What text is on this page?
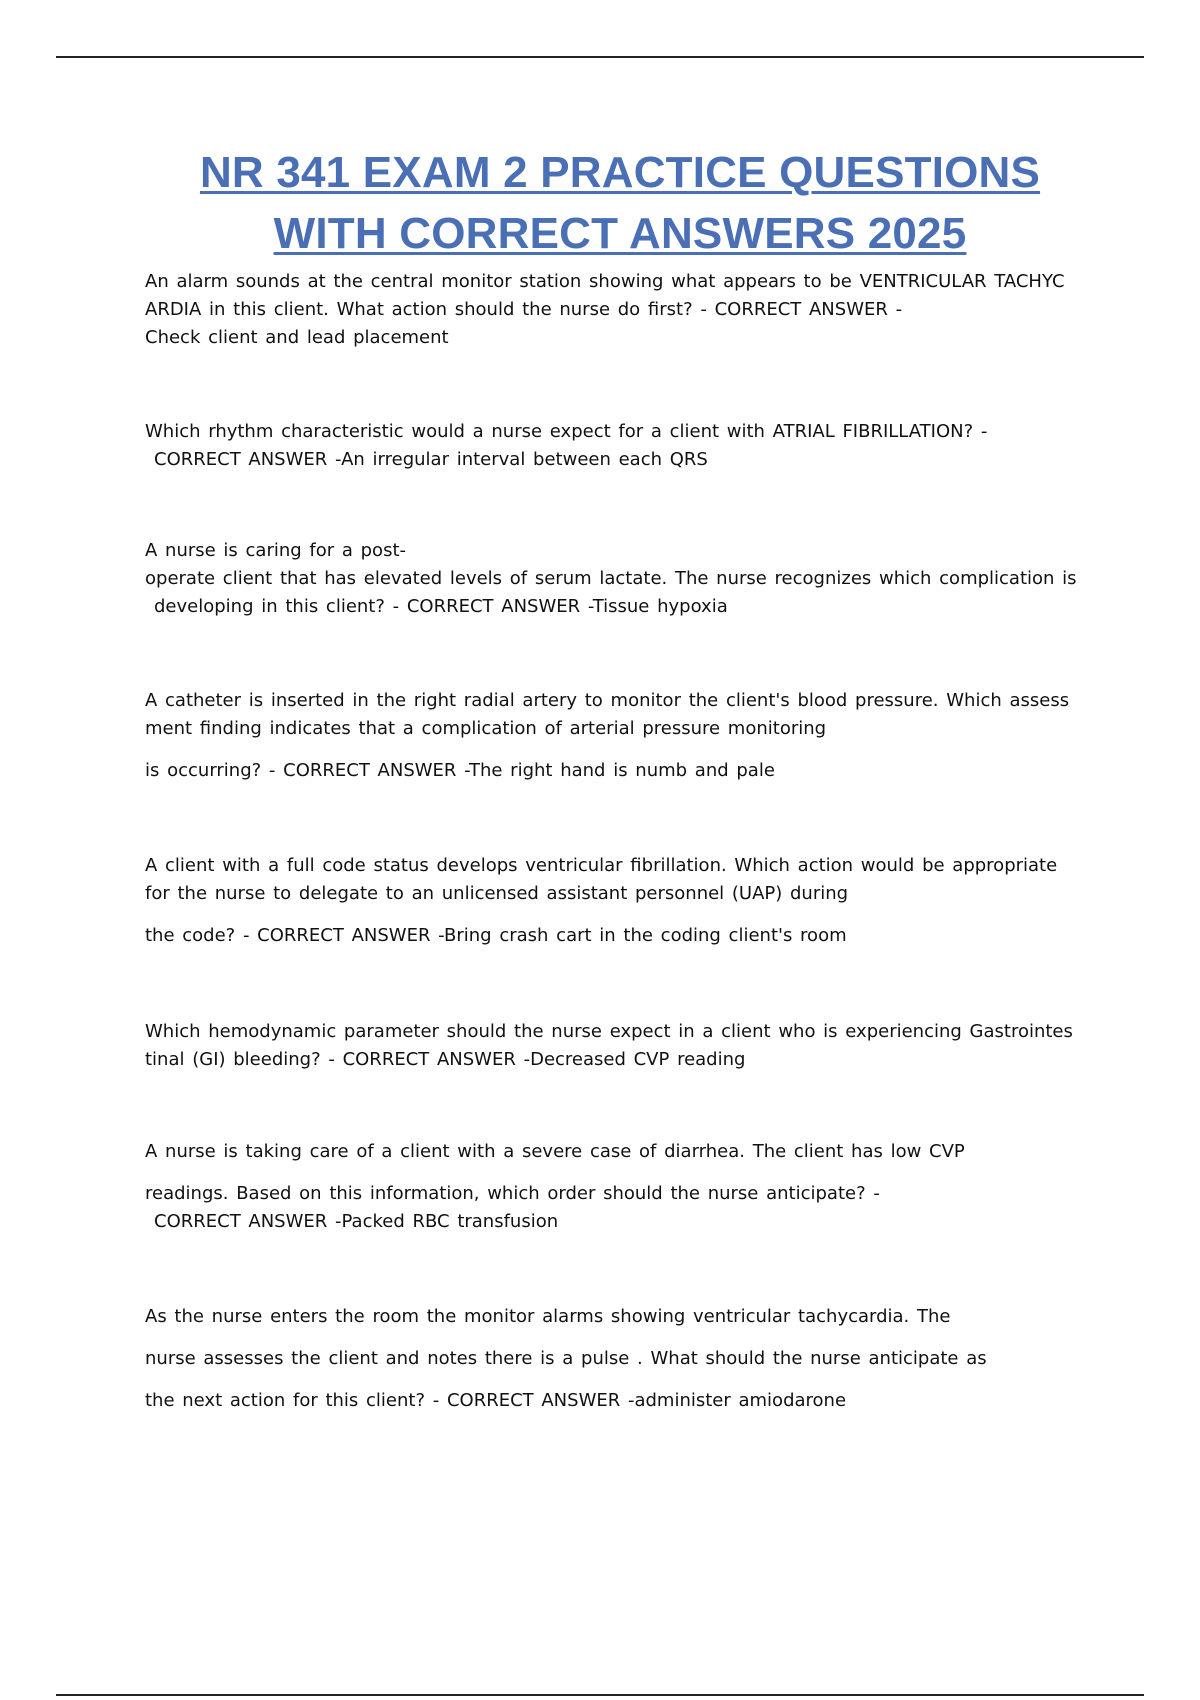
NR 341 EXAM 2 PRACTICE QUESTIONS
WITH CORRECT ANSWERS 2025

An alarm sounds at the central monitor station showing what appears to be VENTRICULAR TACHYC

ARDIA in this client. What action should the nurse do first? - CORRECT ANSWER -

Check client and lead placement

Which rhythm characteristic would a nurse expect for a client with ATRIAL FIBRILLATION? -

CORRECT ANSWER -An irregular interval between each QRS

A nurse is caring for a post-

operate client that has elevated levels of serum lactate. The nurse recognizes which complication is

developing in this client? - CORRECT ANSWER -Tissue hypoxia

A catheter is inserted in the right radial artery to monitor the client's blood pressure. Which assess

ment finding indicates that a complication of arterial pressure monitoring

is occurring? - CORRECT ANSWER -The right hand is numb and pale

A client with a full code status develops ventricular fibrillation. Which action would be appropriate

for the nurse to delegate to an unlicensed assistant personnel (UAP) during

the code? - CORRECT ANSWER -Bring crash cart in the coding client's room

Which hemodynamic parameter should the nurse expect in a client who is experiencing Gastrointes

tinal (GI) bleeding? - CORRECT ANSWER -Decreased CVP reading

A nurse is taking care of a client with a severe case of diarrhea. The client has low CVP

readings. Based on this information, which order should the nurse anticipate? -

CORRECT ANSWER -Packed RBC transfusion

As the nurse enters the room the monitor alarms showing ventricular tachycardia. The

nurse assesses the client and notes there is a pulse . What should the nurse anticipate as

the next action for this client? - CORRECT ANSWER -administer amiodarone
